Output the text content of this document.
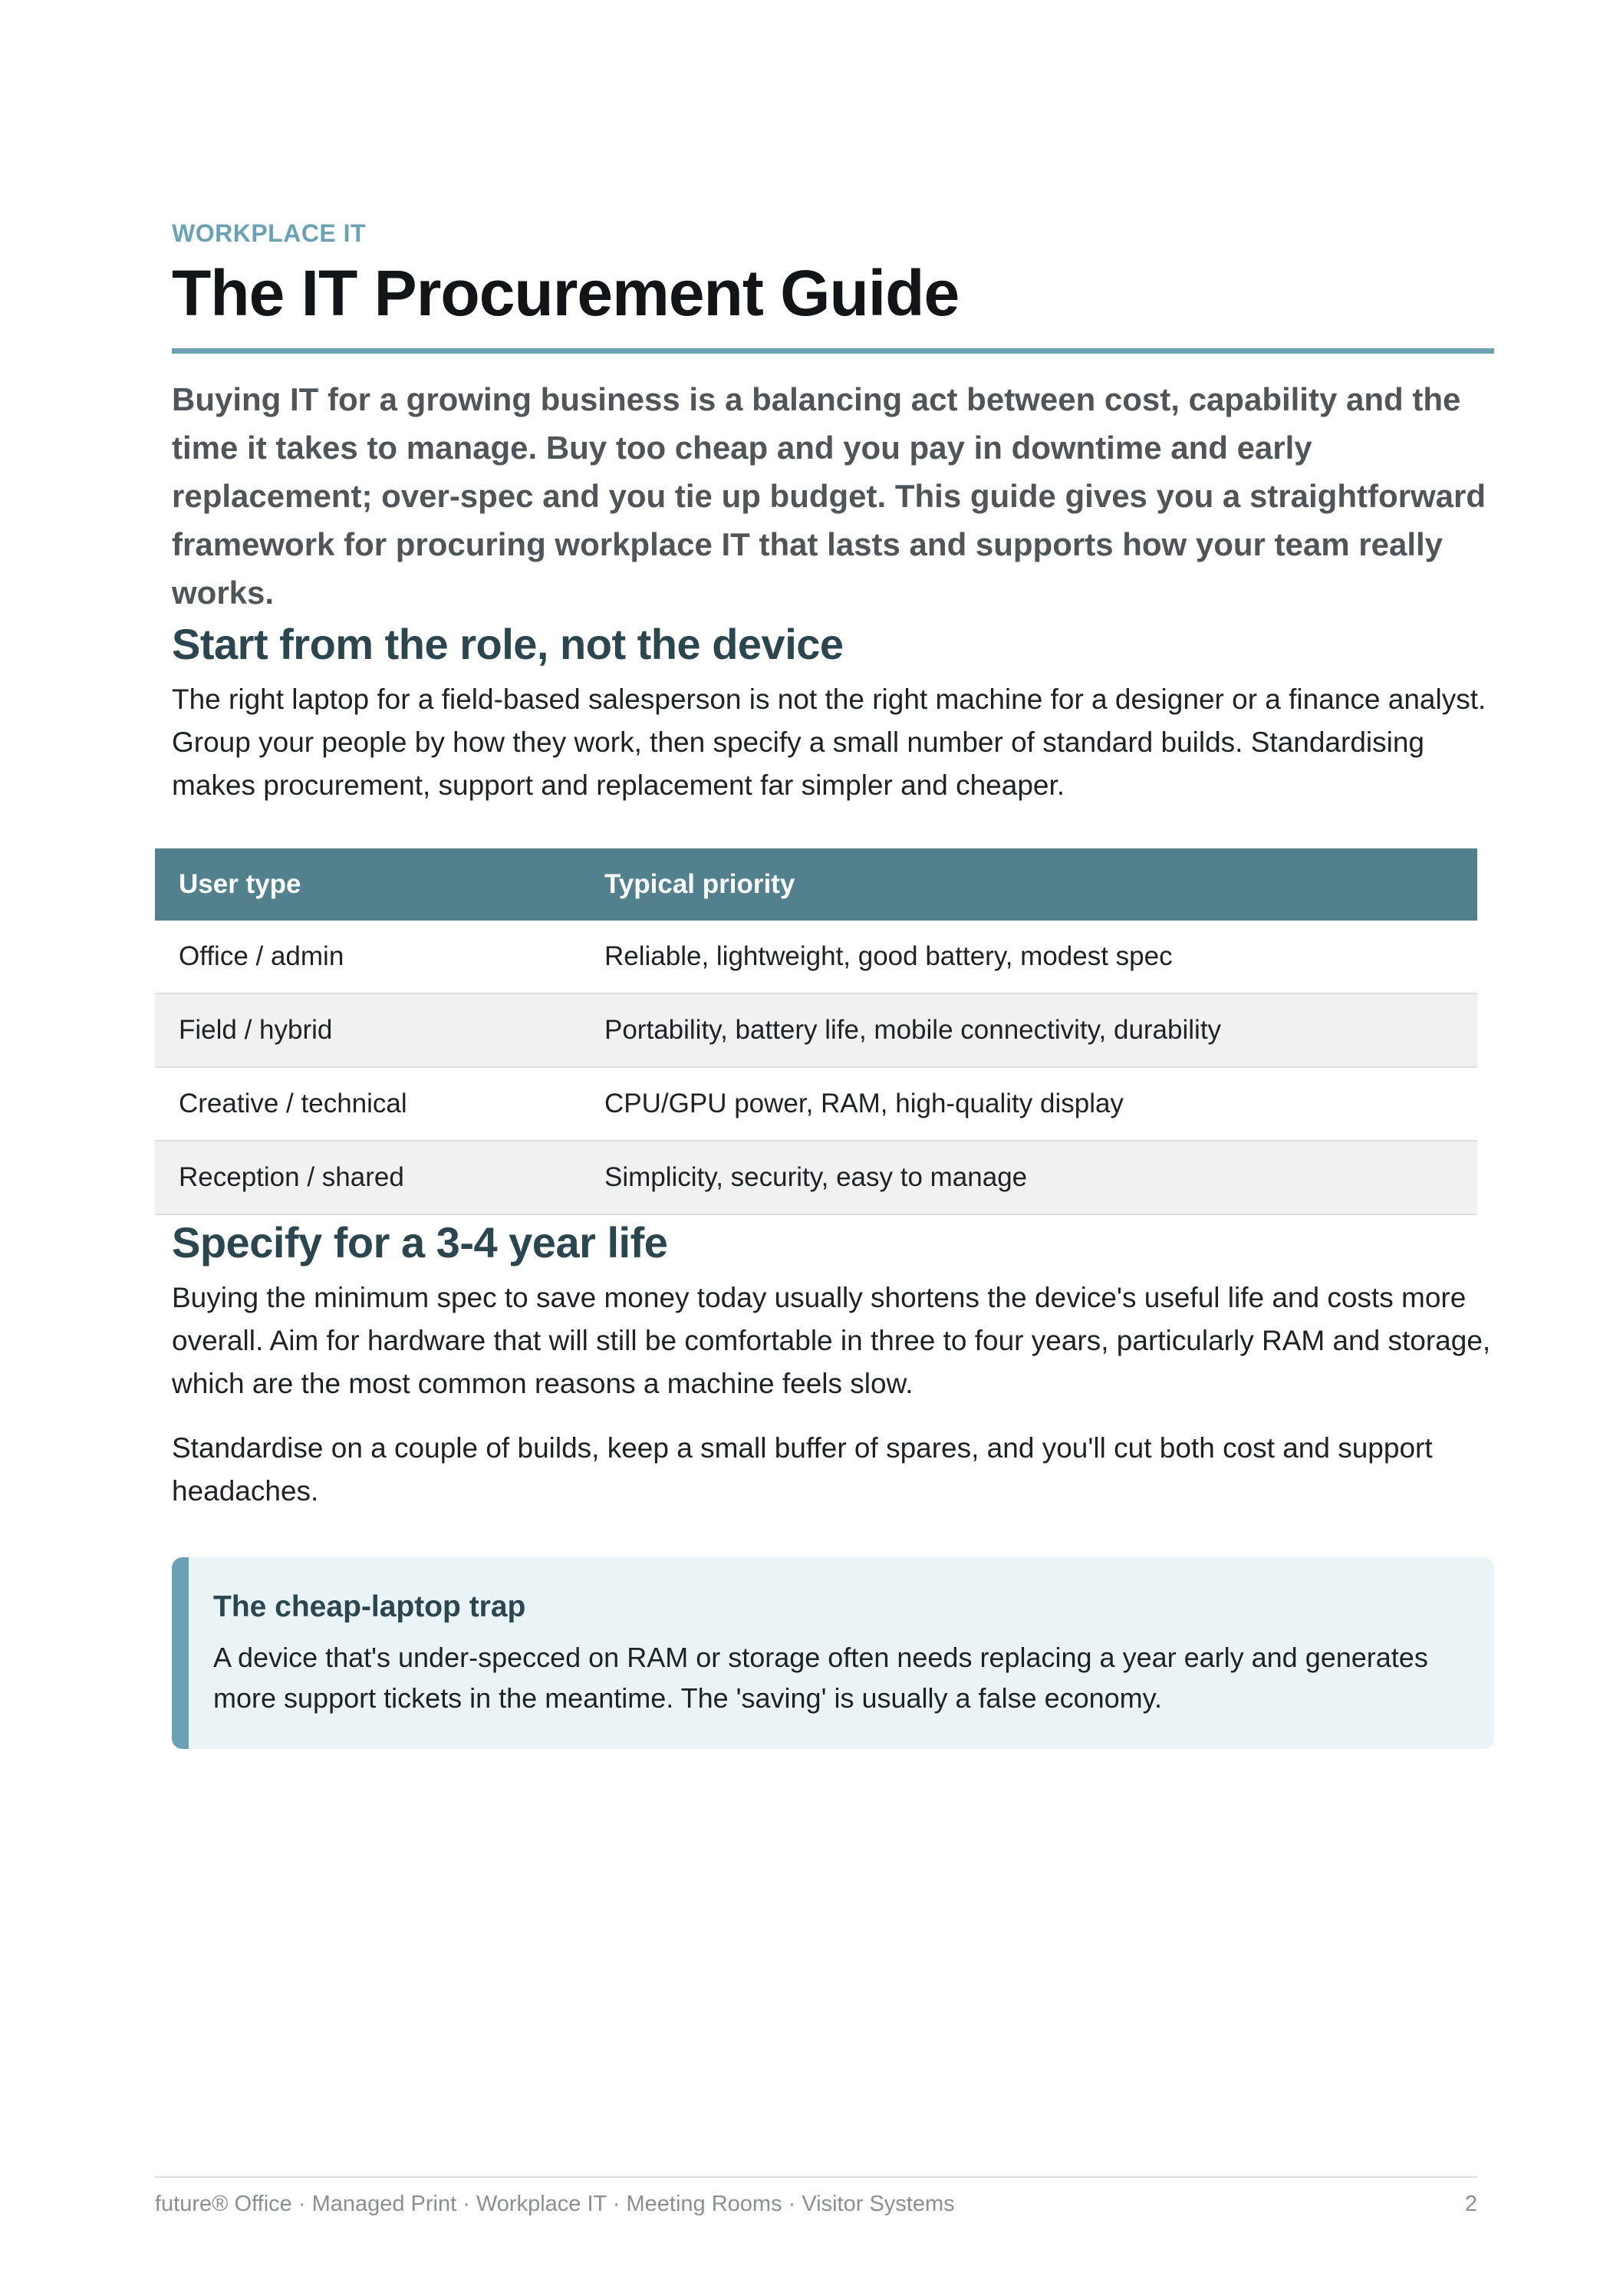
WORKPLACE IT

The IT Procurement Guide

Buying IT for a growing business is a balancing act between cost, capability and the time it takes to manage. Buy too cheap and you pay in downtime and early replacement; over-spec and you tie up budget. This guide gives you a straightforward framework for procuring workplace IT that lasts and supports how your team really works.

Start from the role, not the device

The right laptop for a field-based salesperson is not the right machine for a designer or a finance analyst. Group your people by how they work, then specify a small number of standard builds. Standardising makes procurement, support and replacement far simpler and cheaper.

User type	Typical priority
Office / admin	Reliable, lightweight, good battery, modest spec
Field / hybrid	Portability, battery life, mobile connectivity, durability
Creative / technical	CPU/GPU power, RAM, high-quality display
Reception / shared	Simplicity, security, easy to manage
Specify for a 3-4 year life

Buying the minimum spec to save money today usually shortens the device's useful life and costs more overall. Aim for hardware that will still be comfortable in three to four years, particularly RAM and storage, which are the most common reasons a machine feels slow.

Standardise on a couple of builds, keep a small buffer of spares, and you'll cut both cost and support headaches.

The cheap-laptop trap

A device that's under-specced on RAM or storage often needs replacing a year early and generates more support tickets in the meantime. The 'saving' is usually a false economy.

future® Office · Managed Print · Workplace IT · Meeting Rooms · Visitor Systems	2
